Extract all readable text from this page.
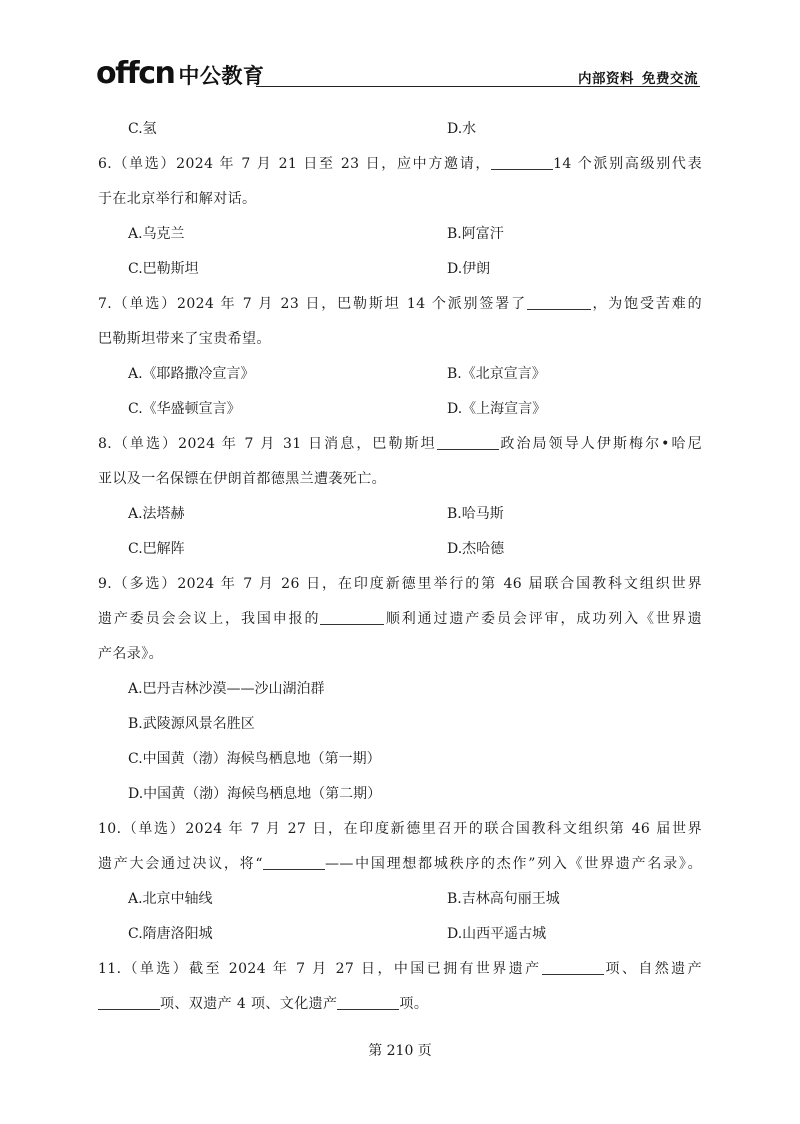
offcn 中公教育	内部资料 免费交流
C.氢	D.水
6.（单选）2024 年 7 月 21 日至 23 日，应中方邀请，	14 个派别高级别代表
于在北京举行和解对话。
A.乌克兰	B.阿富汗
C.巴勒斯坦	D.伊朗
7.（单选）2024 年 7 月 23 日，巴勒斯坦 14 个派别签署了	，为饱受苦难的
巴勒斯坦带来了宝贵希望。
A.《耶路撒冷宣言》	B.《北京宣言》
C.《华盛顿宣言》	D.《上海宣言》
8.（单选）2024 年 7 月 31 日消息，巴勒斯坦	政治局领导人伊斯梅尔•哈尼
亚以及一名保镖在伊朗首都德黑兰遭袭死亡。
A.法塔赫	B.哈马斯
C.巴解阵	D.杰哈德
9.（多选）2024 年 7 月 26 日，在印度新德里举行的第 46 届联合国教科文组织世界
遗产委员会会议上，我国申报的	顺利通过遗产委员会评审，成功列入《世界遗
产名录》。
A.巴丹吉林沙漠——沙山湖泊群
B.武陵源风景名胜区
C.中国黄（渤）海候鸟栖息地（第一期）
D.中国黄（渤）海候鸟栖息地（第二期）
10.（单选）2024 年 7 月 27 日，在印度新德里召开的联合国教科文组织第 46 届世界
遗产大会通过决议，将“	——中国理想都城秩序的杰作”列入《世界遗产名录》。
A.北京中轴线	B.吉林高句丽王城
C.隋唐洛阳城	D.山西平遥古城
11.（单选）截至 2024 年 7 月 27 日，中国已拥有世界遗产	项、自然遗产
项、双遗产 4 项、文化遗产	项。
第 210 页
